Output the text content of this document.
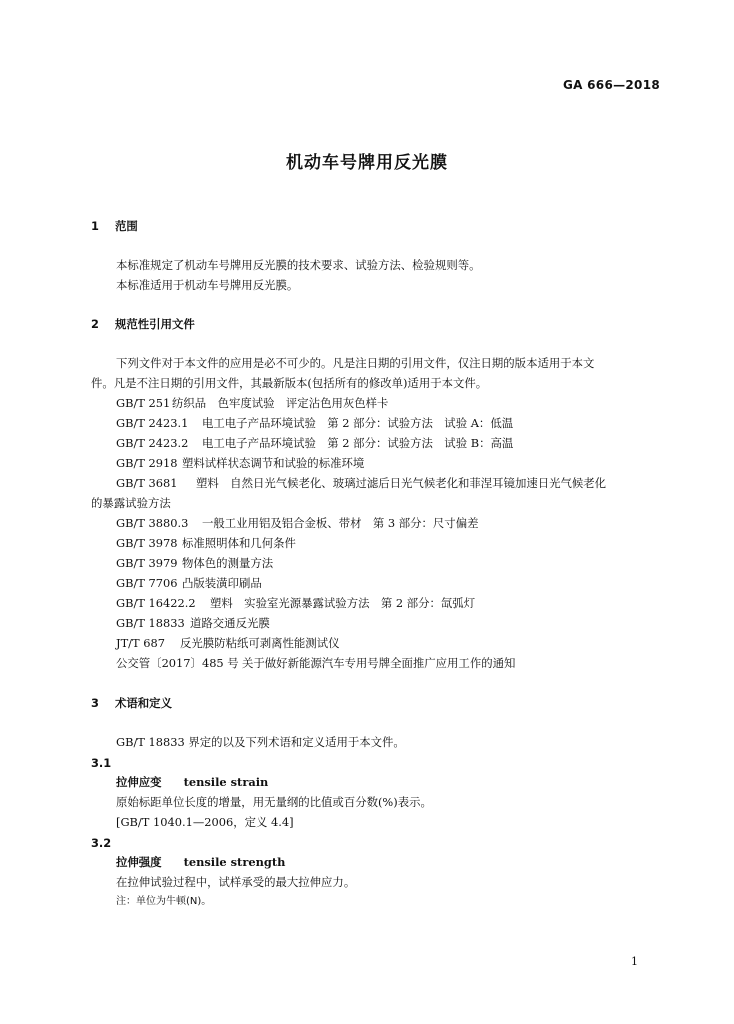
GA 666—2018
机动车号牌用反光膜
1 范围
本标准规定了机动车号牌用反光膜的技术要求、试验方法、检验规则等。
本标准适用于机动车号牌用反光膜。
2 规范性引用文件
下列文件对于本文件的应用是必不可少的。凡是注日期的引用文件，仅注日期的版本适用于本文
件。凡是不注日期的引用文件，其最新版本(包括所有的修改单)适用于本文件。
GB/T 251 纺织品　色牢度试验　评定沾色用灰色样卡
GB/T 2423.1 电工电子产品环境试验　第 2 部分：试验方法　试验 A：低温
GB/T 2423.2 电工电子产品环境试验　第 2 部分：试验方法　试验 B：高温
GB/T 2918 塑料试样状态调节和试验的标准环境
GB/T 3681 塑料　自然日光气候老化、玻璃过滤后日光气候老化和菲涅耳镜加速日光气候老化
的暴露试验方法
GB/T 3880.3 一般工业用铝及铝合金板、带材　第 3 部分：尺寸偏差
GB/T 3978 标准照明体和几何条件
GB/T 3979 物体色的测量方法
GB/T 7706 凸版装潢印刷品
GB/T 16422.2 塑料　实验室光源暴露试验方法　第 2 部分：氙弧灯
GB/T 18833 道路交通反光膜
JT/T 687 反光膜防粘纸可剥离性能测试仪
公交管〔2017〕485 号 关于做好新能源汽车专用号牌全面推广应用工作的通知
3 术语和定义
GB/T 18833 界定的以及下列术语和定义适用于本文件。
3.1
拉伸应变 tensile strain
原始标距单位长度的增量，用无量纲的比值或百分数(%)表示。
[GB/T 1040.1—2006，定义 4.4]
3.2
拉伸强度 tensile strength
在拉伸试验过程中，试样承受的最大拉伸应力。
注：单位为牛顿(N)。
1
